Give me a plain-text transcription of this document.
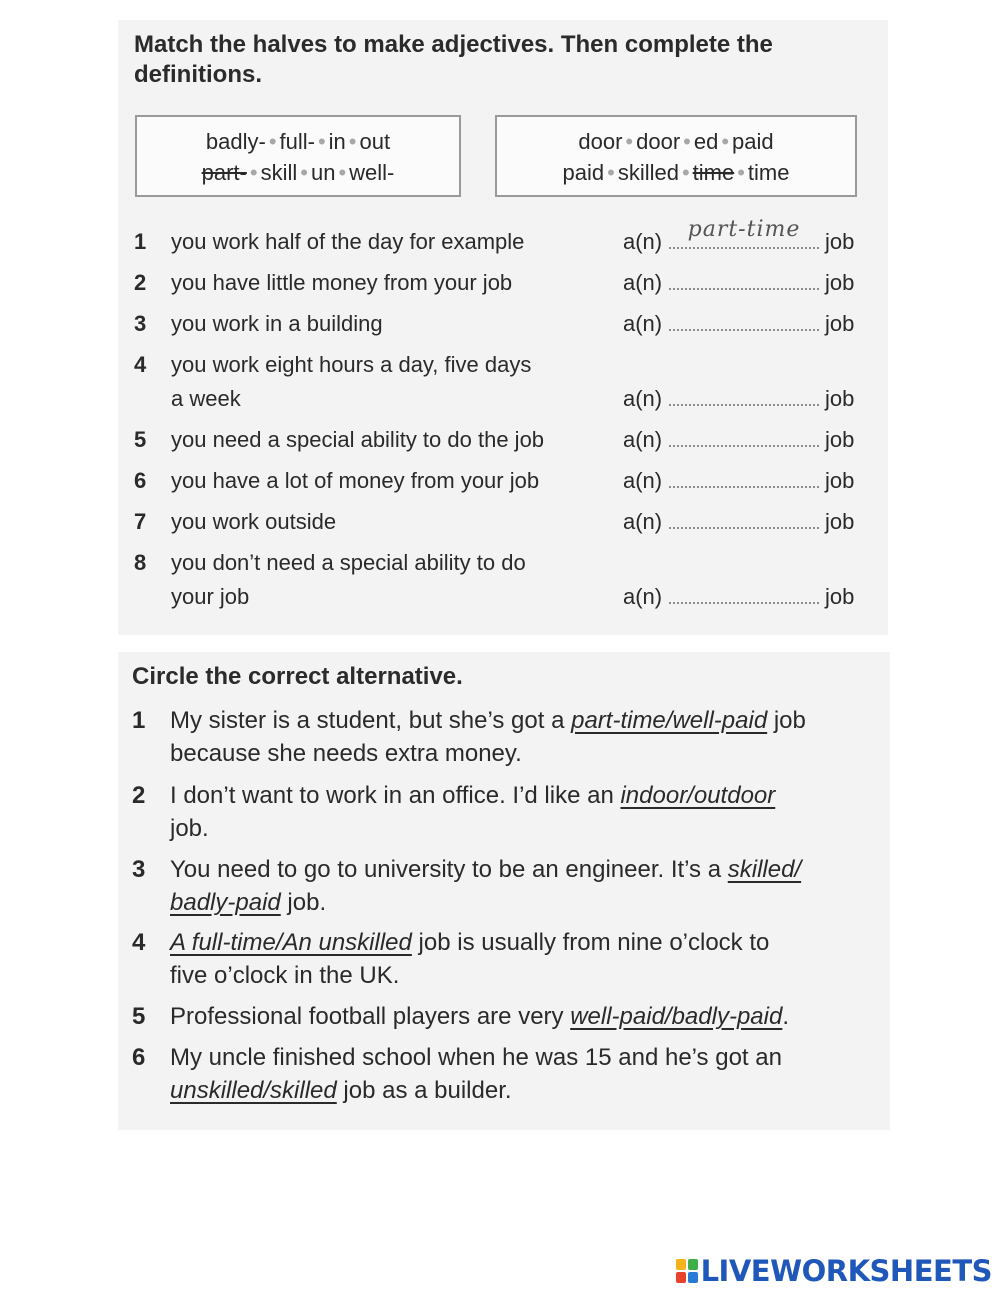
Match the halves to make adjectives. Then complete the
definitions.
badly- • full- • in • out
part- • skill • un • well-
door • door • ed • paid
paid • skilled • time • time
1 you work half of the day for example	a(n)	part-time	job
2 you have little money from your job	a(n)	job
3 you work in a building	a(n)	job
4 you work eight hours a day, five days
a week	a(n)	job
5 you need a special ability to do the job	a(n)	job
6 you have a lot of money from your job	a(n)	job
7 you work outside	a(n)	job
8 you don’t need a special ability to do
your job	a(n)	job
Circle the correct alternative.
1 My sister is a student, but she’s got a part-time/well-paid job
because she needs extra money.
2 I don’t want to work in an office. I’d like an indoor/outdoor
job.
3 You need to go to university to be an engineer. It’s a skilled/
badly-paid job.
4 A full-time/An unskilled job is usually from nine o’clock to
five o’clock in the UK.
5 Professional football players are very well-paid/badly-paid.
6 My uncle finished school when he was 15 and he’s got an
unskilled/skilled job as a builder.
LIVEWORKSHEETS
